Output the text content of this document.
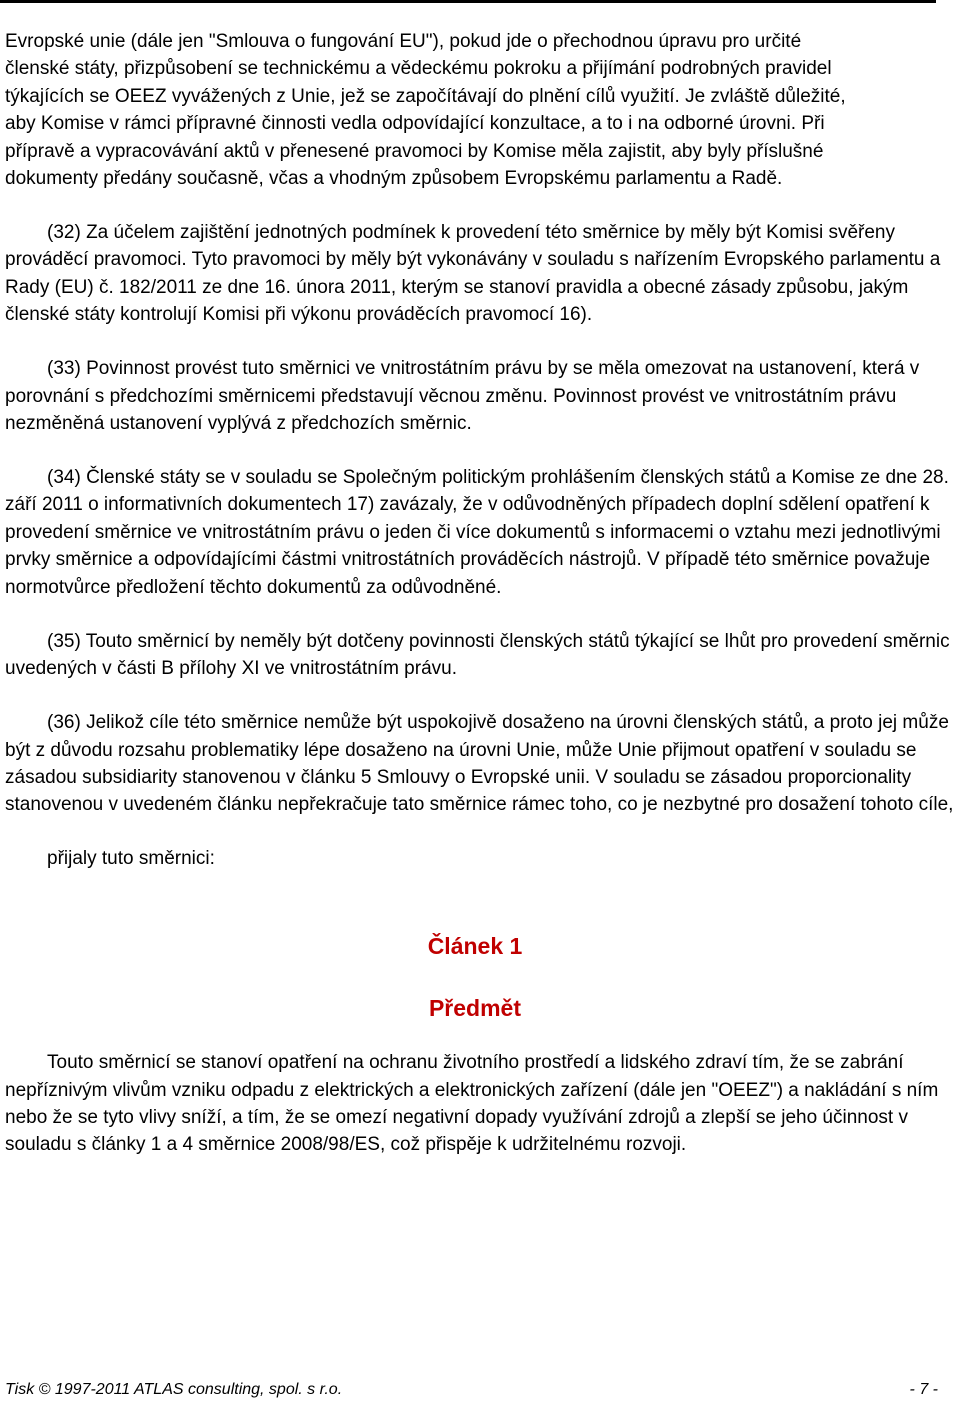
Evropské unie (dále jen "Smlouva o fungování EU"), pokud jde o přechodnou úpravu pro určité
členské státy, přizpůsobení se technickému a vědeckému pokroku a přijímání podrobných pravidel
týkajících se OEEZ vyvážených z Unie, jež se započítávají do plnění cílů využití. Je zvláště důležité,
aby Komise v rámci přípravné činnosti vedla odpovídající konzultace, a to i na odborné úrovni. Při
přípravě a vypracovávání aktů v přenesené pravomoci by Komise měla zajistit, aby byly příslušné
dokumenty předány současně, včas a vhodným způsobem Evropskému parlamentu a Radě.

(32) Za účelem zajištění jednotných podmínek k provedení této směrnice by měly být Komisi svěřeny prováděcí pravomoci. Tyto pravomoci by měly být vykonávány v souladu s nařízením Evropského parlamentu a Rady (EU) č. 182/2011 ze dne 16. února 2011, kterým se stanoví pravidla a obecné zásady způsobu, jakým členské státy kontrolují Komisi při výkonu prováděcích pravomocí 16).

(33) Povinnost provést tuto směrnici ve vnitrostátním právu by se měla omezovat na ustanovení, která v porovnání s předchozími směrnicemi představují věcnou změnu. Povinnost provést ve vnitrostátním právu nezměněná ustanovení vyplývá z předchozích směrnic.

(34) Členské státy se v souladu se Společným politickým prohlášením členských států a Komise ze dne 28. září 2011 o informativních dokumentech 17) zavázaly, že v odůvodněných případech doplní sdělení opatření k provedení směrnice ve vnitrostátním právu o jeden či více dokumentů s informacemi o vztahu mezi jednotlivými prvky směrnice a odpovídajícími částmi vnitrostátních prováděcích nástrojů. V případě této směrnice považuje normotvůrce předložení těchto dokumentů za odůvodněné.

(35) Touto směrnicí by neměly být dotčeny povinnosti členských států týkající se lhůt pro provedení směrnic uvedených v části B přílohy XI ve vnitrostátním právu.

(36) Jelikož cíle této směrnice nemůže být uspokojivě dosaženo na úrovni členských států, a proto jej může být z důvodu rozsahu problematiky lépe dosaženo na úrovni Unie, může Unie přijmout opatření v souladu se zásadou subsidiarity stanovenou v článku 5 Smlouvy o Evropské unii. V souladu se zásadou proporcionality stanovenou v uvedeném článku nepřekračuje tato směrnice rámec toho, co je nezbytné pro dosažení tohoto cíle,

přijaly tuto směrnici:

Článek 1

Předmět

Touto směrnicí se stanoví opatření na ochranu životního prostředí a lidského zdraví tím, že se zabrání nepříznivým vlivům vzniku odpadu z elektrických a elektronických zařízení (dále jen "OEEZ") a nakládání s ním nebo že se tyto vlivy sníží, a tím, že se omezí negativní dopady využívání zdrojů a zlepší se jeho účinnost v souladu s články 1 a 4 směrnice 2008/98/ES, což přispěje k udržitelnému rozvoji.

Tisk © 1997-2011 ATLAS consulting, spol. s r.o.	- 7 -
